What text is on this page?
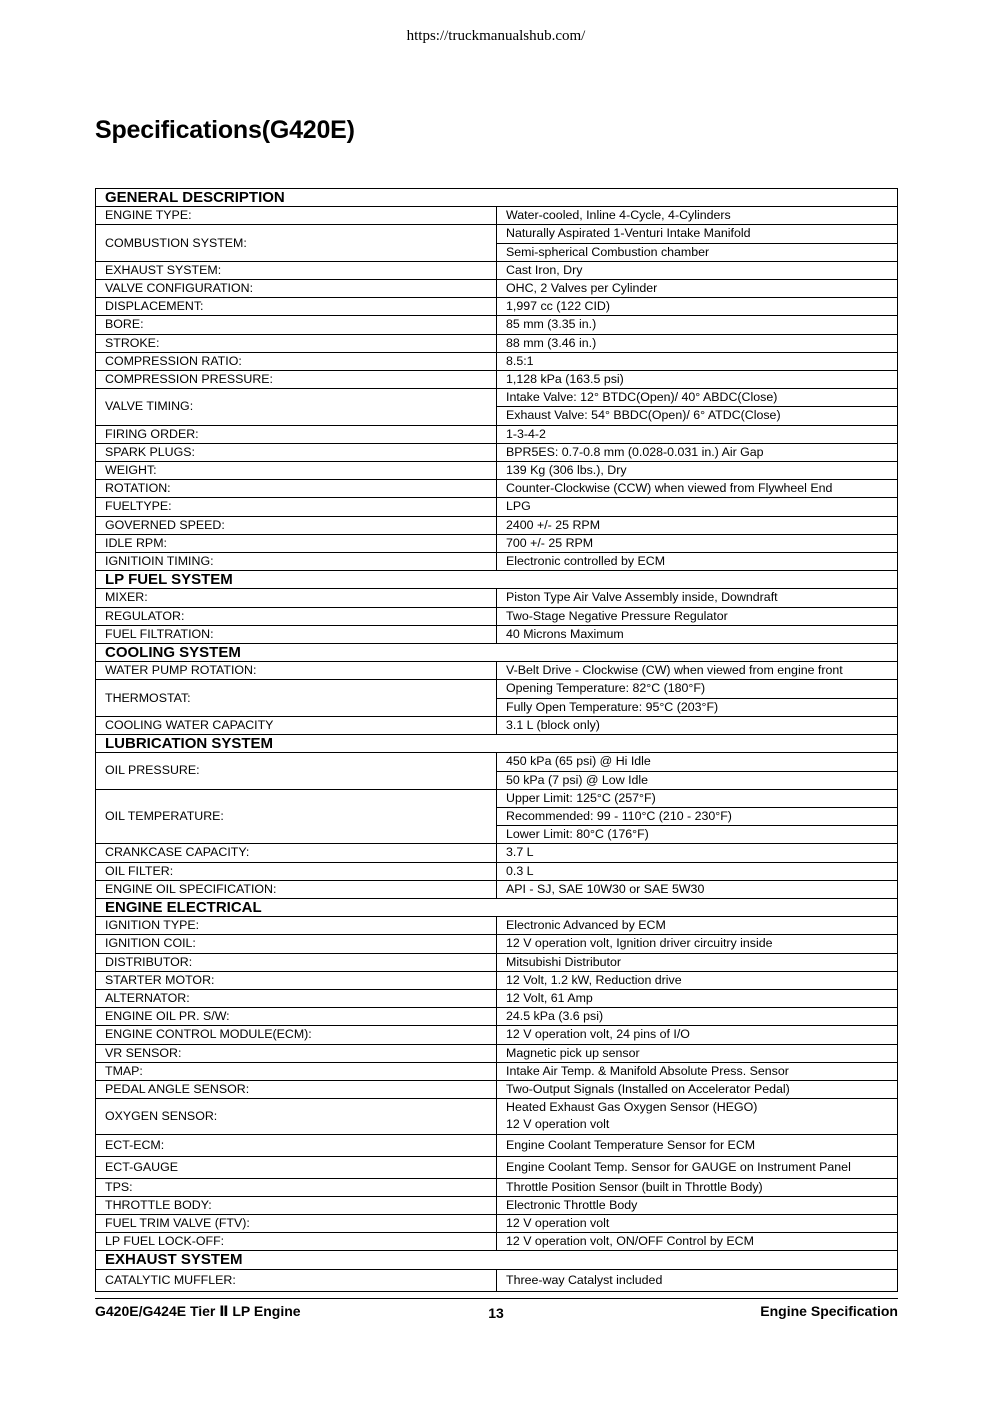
https://truckmanualshub.com/
Specifications(G420E)
GENERAL DESCRIPTION	
ENGINE TYPE:	Water-cooled, Inline 4-Cycle, 4-Cylinders
COMBUSTION SYSTEM:	Naturally Aspirated 1-Venturi Intake Manifold
	Semi-spherical Combustion chamber
EXHAUST SYSTEM:	Cast Iron, Dry
VALVE CONFIGURATION:	OHC, 2 Valves per Cylinder
DISPLACEMENT:	1,997 cc (122 CID)
BORE:	85 mm (3.35 in.)
STROKE:	88 mm (3.46 in.)
COMPRESSION RATIO:	8.5:1
COMPRESSION PRESSURE:	1,128 kPa (163.5 psi)
VALVE TIMING:	Intake Valve: 12° BTDC(Open)/ 40° ABDC(Close)
	Exhaust Valve: 54° BBDC(Open)/ 6° ATDC(Close)
FIRING ORDER:	1-3-4-2
SPARK PLUGS:	BPR5ES: 0.7-0.8 mm (0.028-0.031 in.) Air Gap
WEIGHT:	139 Kg (306 lbs.), Dry
ROTATION:	Counter-Clockwise (CCW) when viewed from Flywheel End
FUELTYPE:	LPG
GOVERNED SPEED:	2400 +/- 25 RPM
IDLE RPM:	700 +/- 25 RPM
IGNITIOIN TIMING:	Electronic controlled by ECM
LP FUEL SYSTEM	
MIXER:	Piston Type Air Valve Assembly inside, Downdraft
REGULATOR:	Two-Stage Negative Pressure Regulator
FUEL FILTRATION:	40 Microns Maximum
COOLING SYSTEM	
WATER PUMP ROTATION:	V-Belt Drive - Clockwise (CW) when viewed from engine front
THERMOSTAT:	Opening Temperature: 82°C (180°F)
	Fully Open Temperature: 95°C (203°F)
COOLING WATER CAPACITY	3.1 L (block only)
LUBRICATION SYSTEM	
OIL PRESSURE:	450 kPa (65 psi) @ Hi Idle
	50 kPa (7 psi) @ Low Idle
OIL TEMPERATURE:	Upper Limit: 125°C (257°F)
	Recommended: 99 - 110°C (210 - 230°F)
	Lower Limit: 80°C (176°F)
CRANKCASE CAPACITY:	3.7 L
OIL FILTER:	0.3 L
ENGINE OIL SPECIFICATION:	API - SJ, SAE 10W30 or SAE 5W30
ENGINE ELECTRICAL	
IGNITION TYPE:	Electronic Advanced by ECM
IGNITION COIL:	12 V operation volt, Ignition driver circuitry inside
DISTRIBUTOR:	Mitsubishi Distributor
STARTER MOTOR:	12 Volt, 1.2 kW, Reduction drive
ALTERNATOR:	12 Volt, 61 Amp
ENGINE OIL PR. S/W:	24.5 kPa (3.6 psi)
ENGINE CONTROL MODULE(ECM):	12 V operation volt, 24 pins of I/O
VR SENSOR:	Magnetic pick up sensor
TMAP:	Intake Air Temp. & Manifold Absolute Press. Sensor
PEDAL ANGLE SENSOR:	Two-Output Signals (Installed on Accelerator Pedal)
OXYGEN SENSOR:	Heated Exhaust Gas Oxygen Sensor (HEGO)
	12 V operation volt
ECT-ECM:	Engine Coolant Temperature Sensor for ECM
ECT-GAUGE	Engine Coolant Temp. Sensor for GAUGE on Instrument Panel
TPS:	Throttle Position Sensor (built in Throttle Body)
THROTTLE BODY:	Electronic Throttle Body
FUEL TRIM VALVE (FTV):	12 V operation volt
LP FUEL LOCK-OFF:	12 V operation volt, ON/OFF Control by ECM
EXHAUST SYSTEM	
CATALYTIC MUFFLER:	Three-way Catalyst included
G420E/G424E Tier Ⅱ LP Engine	13	Engine Specification
